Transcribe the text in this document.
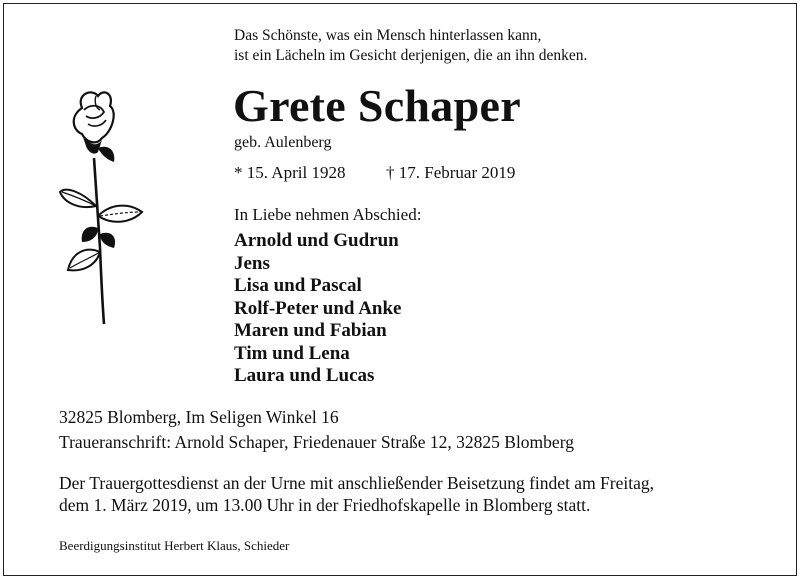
Das Schönste, was ein Mensch hinterlassen kann,
ist ein Lächeln im Gesicht derjenigen, die an ihn denken.
Grete Schaper
geb. Aulenberg
* 15. April 1928 † 17. Februar 2019
In Liebe nehmen Abschied:
Arnold und Gudrun
Jens
Lisa und Pascal
Rolf-Peter und Anke
Maren und Fabian
Tim und Lena
Laura und Lucas
32825 Blomberg, Im Seligen Winkel 16
Traueranschrift: Arnold Schaper, Friedenauer Straße 12, 32825 Blomberg
Der Trauergottesdienst an der Urne mit anschließender Beisetzung findet am Freitag,
dem 1. März 2019, um 13.00 Uhr in der Friedhofskapelle in Blomberg statt.
Beerdigungsinstitut Herbert Klaus, Schieder
